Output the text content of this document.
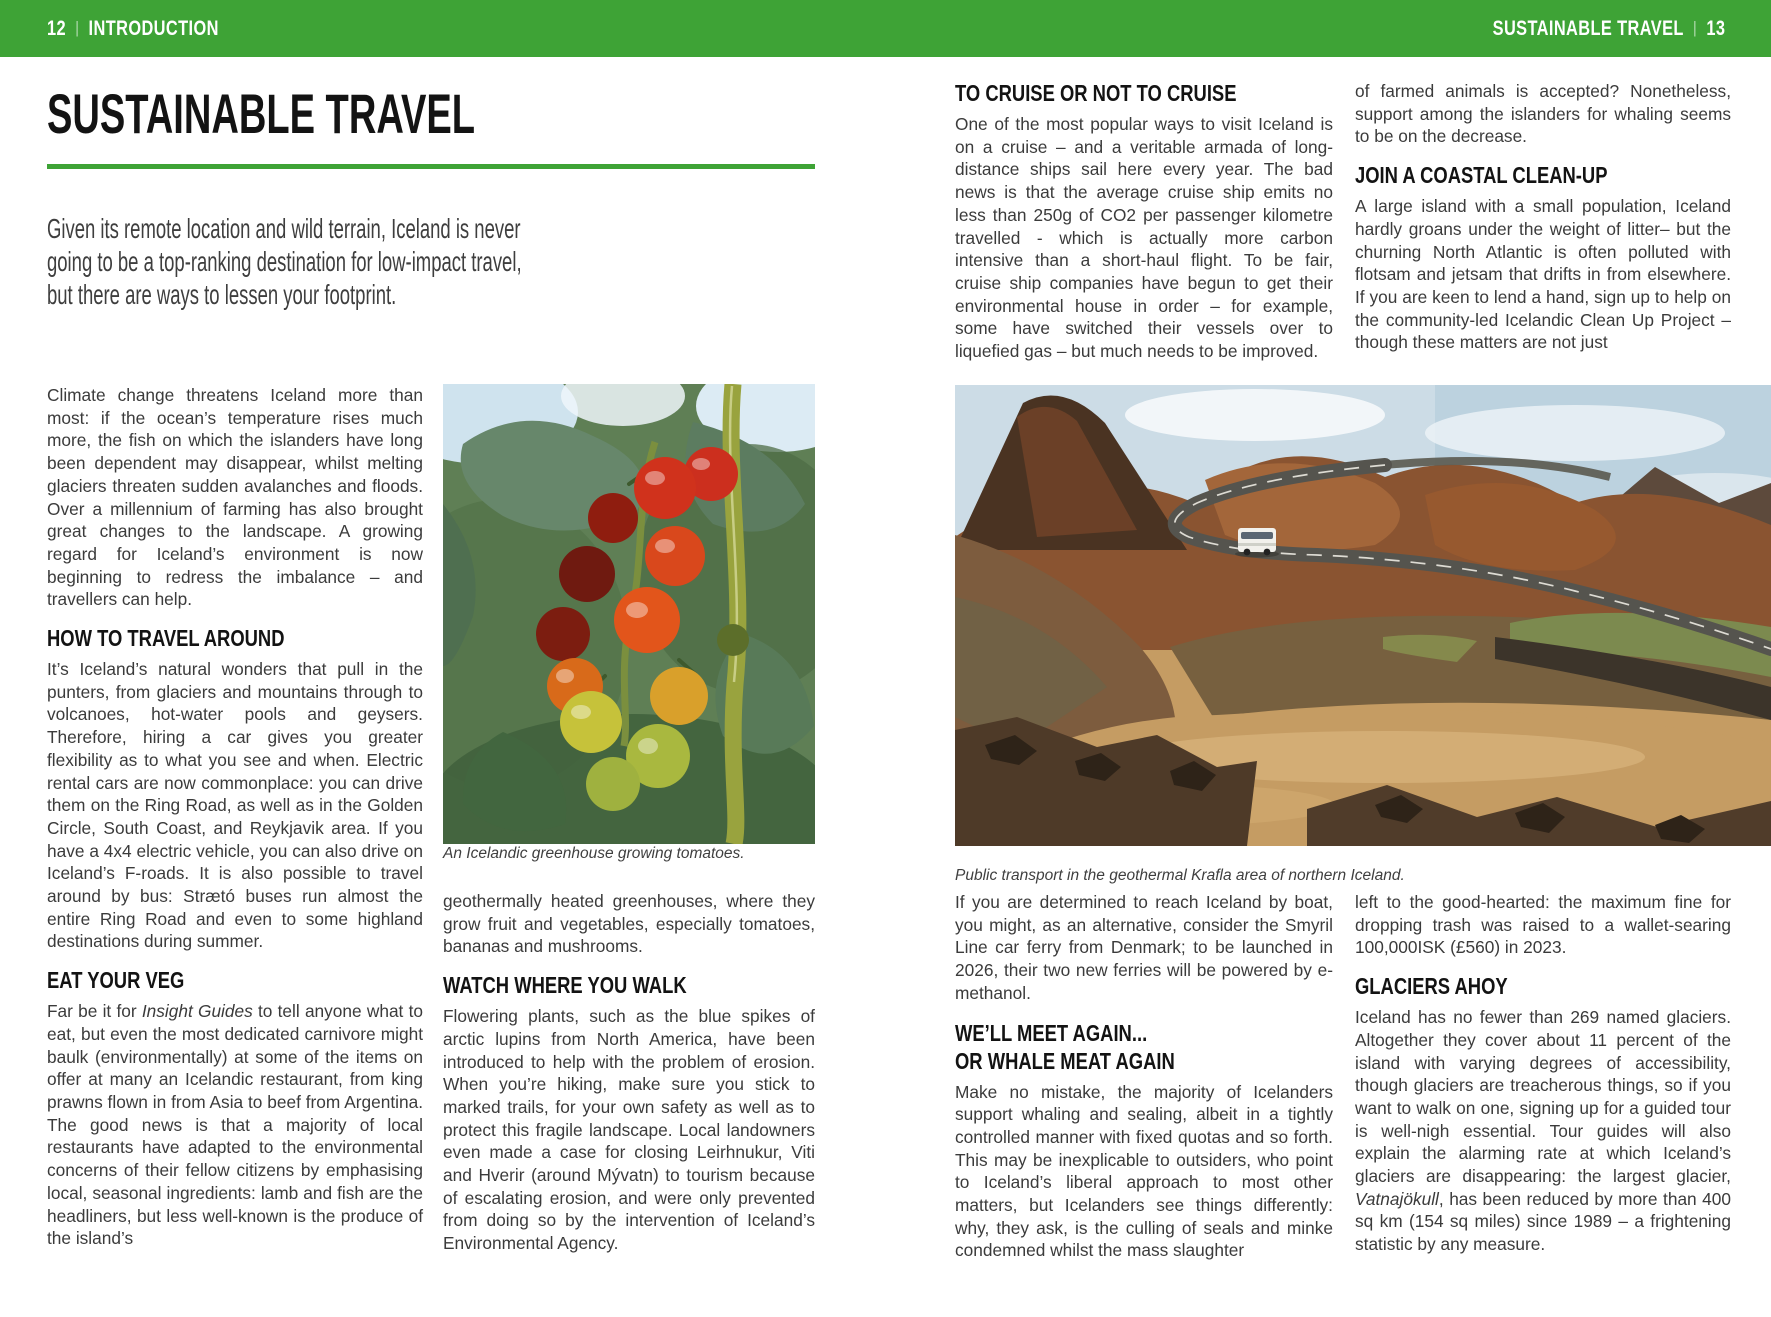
12 | INTRODUCTION	SUSTAINABLE TRAVEL | 13
SUSTAINABLE TRAVEL
Given its remote location and wild terrain, Iceland is never
going to be a top-ranking destination for low-impact travel,
but there are ways to lessen your footprint.

Climate change threatens Iceland more than most: if the ocean’s temperature rises much more, the fish on which the islanders have long been dependent may disappear, whilst melting glaciers threaten sudden avalanches and floods. Over a millennium of farming has also brought great changes to the landscape. A growing regard for Iceland’s environment is now beginning to redress the imbalance – and travellers can help.

HOW TO TRAVEL AROUND

It’s Iceland’s natural wonders that pull in the punters, from glaciers and mountains through to volcanoes, hot-water pools and geysers. Therefore, hiring a car gives you greater flexibility as to what you see and when. Electric rental cars are now commonplace: you can drive them on the Ring Road, as well as in the Golden Circle, South Coast, and Reykjavik area. If you have a 4x4 electric vehicle, you can also drive on Iceland’s F-roads. It is also possible to travel around by bus: Strætó buses run almost the entire Ring Road and even to some highland destinations during summer.

EAT YOUR VEG

Far be it for Insight Guides to tell anyone what to eat, but even the most dedicated carnivore might baulk (environmentally) at some of the items on offer at many an Icelandic restaurant, from king prawns flown in from Asia to beef from Argentina. The good news is that a majority of local restaurants have adapted to the environmental concerns of their fellow citizens by emphasising local, seasonal ingredients: lamb and fish are the headliners, but less well-known is the produce of the island’s

An Icelandic greenhouse growing tomatoes.

geothermally heated greenhouses, where they grow fruit and vegetables, especially tomatoes, bananas and mushrooms.

WATCH WHERE YOU WALK

Flowering plants, such as the blue spikes of arctic lupins from North America, have been introduced to help with the problem of erosion. When you’re hiking, make sure you stick to marked trails, for your own safety as well as to protect this fragile landscape. Local landowners even made a case for closing Leirhnukur, Viti and Hverir (around Mývatn) to tourism because of escalating erosion, and were only prevented from doing so by the intervention of Iceland’s Environmental Agency.

TO CRUISE OR NOT TO CRUISE

One of the most popular ways to visit Iceland is on a cruise – and a veritable armada of long-distance ships sail here every year. The bad news is that the average cruise ship emits no less than 250g of CO2 per passenger kilometre travelled - which is actually more carbon intensive than a short-haul flight. To be fair, cruise ship companies have begun to get their environmental house in order – for example, some have switched their vessels over to liquefied gas – but much needs to be improved.

of farmed animals is accepted? Nonetheless, support among the islanders for whaling seems to be on the decrease.

JOIN A COASTAL CLEAN-UP

A large island with a small population, Iceland hardly groans under the weight of litter– but the churning North Atlantic is often polluted with flotsam and jetsam that drifts in from elsewhere. If you are keen to lend a hand, sign up to help on the community-led Icelandic Clean Up Project – though these matters are not just

Public transport in the geothermal Krafla area of northern Iceland.

If you are determined to reach Iceland by boat, you might, as an alternative, consider the Smyril Line car ferry from Denmark; to be launched in 2026, their two new ferries will be powered by e-methanol.

WE’LL MEET AGAIN...
OR WHALE MEAT AGAIN

Make no mistake, the majority of Icelanders support whaling and sealing, albeit in a tightly controlled manner with fixed quotas and so forth. This may be inexplicable to outsiders, who point to Iceland’s liberal approach to most other matters, but Icelanders see things differently: why, they ask, is the culling of seals and minke condemned whilst the mass slaughter

left to the good-hearted: the maximum fine for dropping trash was raised to a wallet-searing 100,000ISK (£560) in 2023.

GLACIERS AHOY

Iceland has no fewer than 269 named glaciers. Altogether they cover about 11 percent of the island with varying degrees of accessibility, though glaciers are treacherous things, so if you want to walk on one, signing up for a guided tour is well-nigh essential. Tour guides will also explain the alarming rate at which Iceland’s glaciers are disappearing: the largest glacier, Vatnajökull, has been reduced by more than 400 sq km (154 sq miles) since 1989 – a frightening statistic by any measure.
